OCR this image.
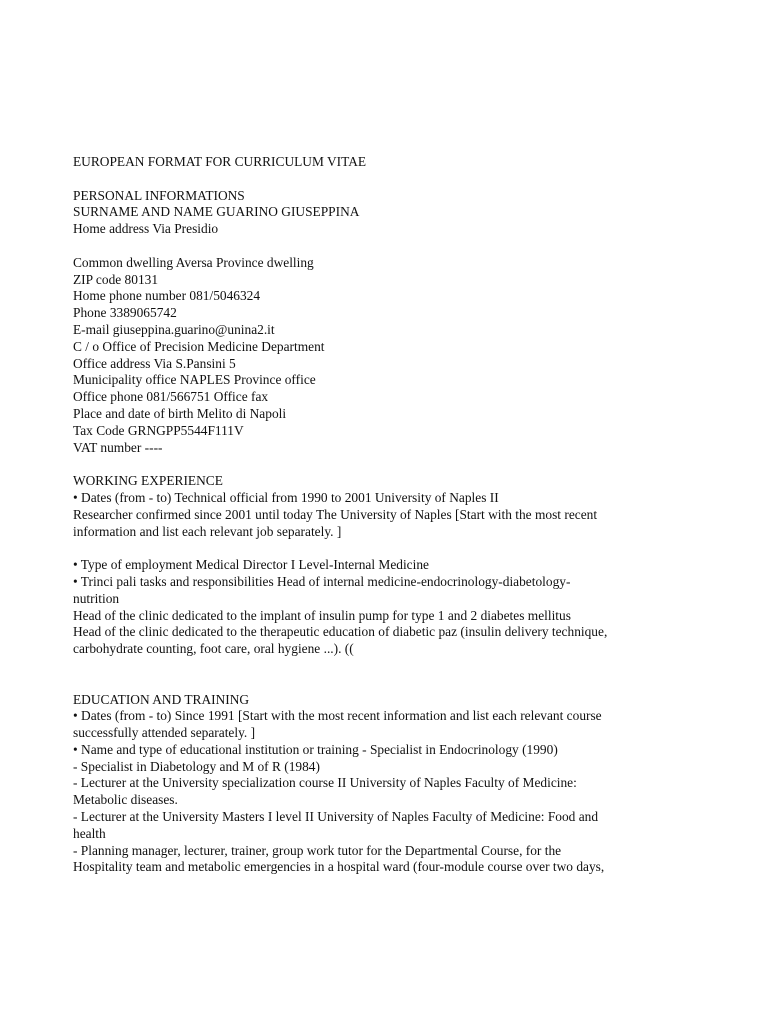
EUROPEAN FORMAT FOR CURRICULUM VITAE

PERSONAL INFORMATIONS

SURNAME AND NAME GUARINO GIUSEPPINA

Home address Via Presidio

Common dwelling Aversa Province dwelling

ZIP code 80131

Home phone number 081/5046324

Phone 3389065742

E-mail giuseppina.guarino@unina2.it

C / o Office of Precision Medicine Department

Office address Via S.Pansini 5

Municipality office NAPLES Province office

Office phone 081/566751 Office fax

Place and date of birth Melito di Napoli

Tax Code GRNGPP5544F111V

VAT number ----

WORKING EXPERIENCE

• Dates (from - to) Technical official from 1990 to 2001 University of Naples II

Researcher confirmed since 2001 until today The University of Naples [Start with the most recent

information and list each relevant job separately. ]

• Type of employment Medical Director I Level-Internal Medicine

• Trinci pali tasks and responsibilities Head of internal medicine-endocrinology-diabetology-

nutrition

Head of the clinic dedicated to the implant of insulin pump for type 1 and 2 diabetes mellitus

Head of the clinic dedicated to the therapeutic education of diabetic paz (insulin delivery technique,

carbohydrate counting, foot care, oral hygiene ...). ((

EDUCATION AND TRAINING

• Dates (from - to) Since 1991 [Start with the most recent information and list each relevant course

successfully attended separately. ]

• Name and type of educational institution or training - Specialist in Endocrinology (1990)

- Specialist in Diabetology and M of R (1984)

- Lecturer at the University specialization course II University of Naples Faculty of Medicine:

Metabolic diseases.

- Lecturer at the University Masters I level II University of Naples Faculty of Medicine: Food and

health

- Planning manager, lecturer, trainer, group work tutor for the Departmental Course, for the

Hospitality team and metabolic emergencies in a hospital ward (four-module course over two days,
